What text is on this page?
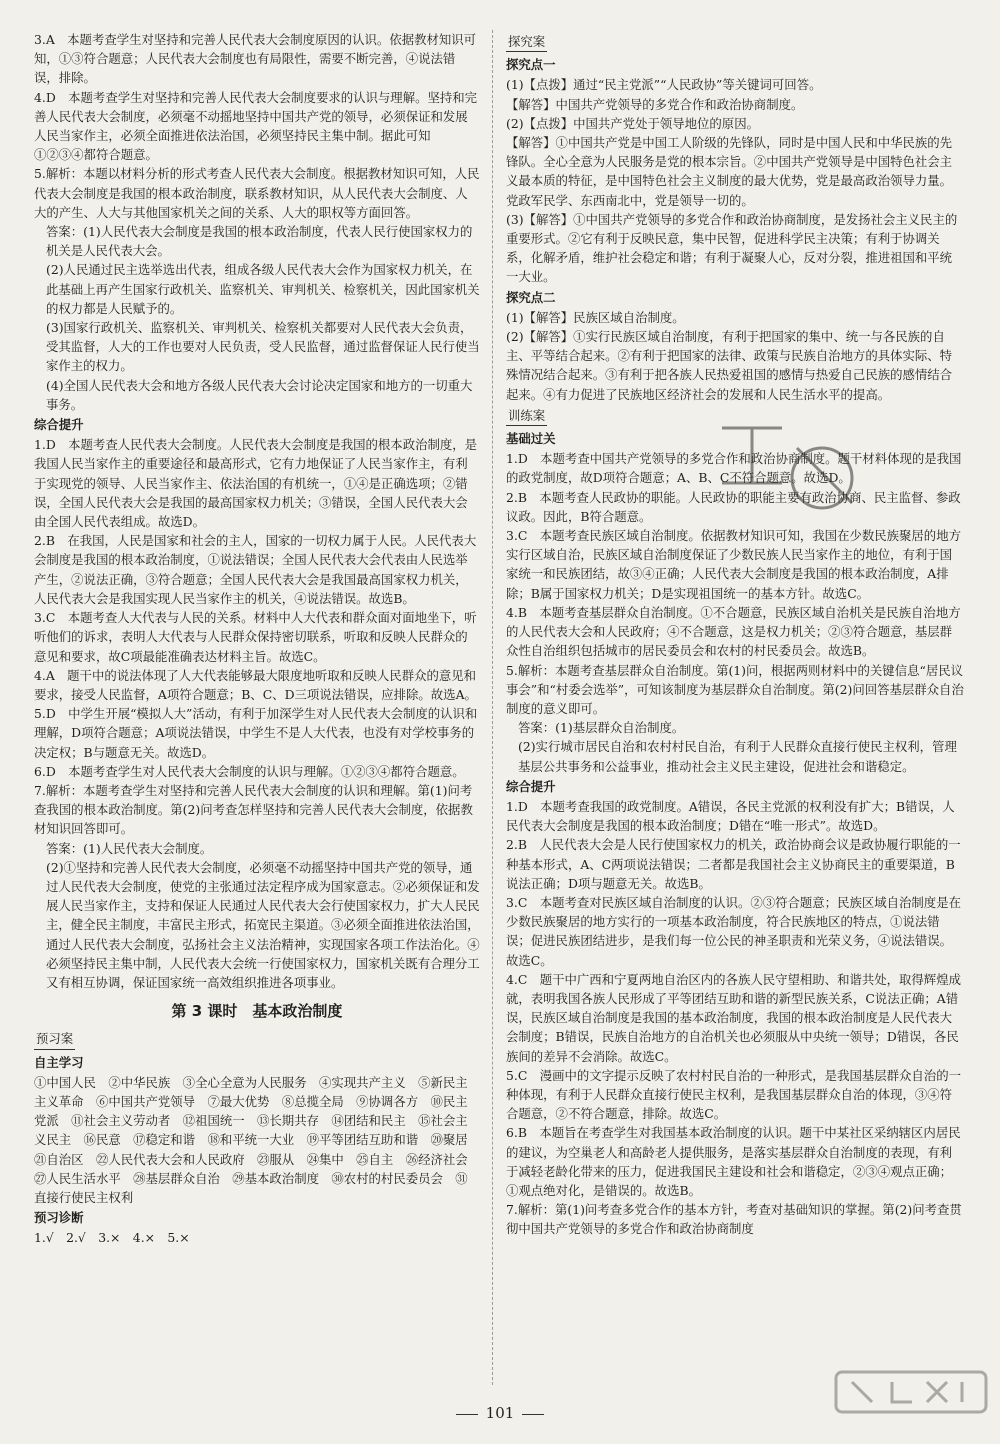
3.A　本题考查学生对坚持和完善人民代表大会制度原因的认识。依据教材知识可知，①③符合题意；人民代表大会制度也有局限性，需要不断完善，④说法错误，排除。

4.D　本题考查学生对坚持和完善人民代表大会制度要求的认识与理解。坚持和完善人民代表大会制度，必须毫不动摇地坚持中国共产党的领导，必须保证和发展人民当家作主，必须全面推进依法治国，必须坚持民主集中制。据此可知①②③④都符合题意。

5.解析：本题以材料分析的形式考查人民代表大会制度。根据教材知识可知，人民代表大会制度是我国的根本政治制度，联系教材知识，从人民代表大会制度、人大的产生、人大与其他国家机关之间的关系、人大的职权等方面回答。

答案：(1)人民代表大会制度是我国的根本政治制度，代表人民行使国家权力的机关是人民代表大会。

(2)人民通过民主选举选出代表，组成各级人民代表大会作为国家权力机关，在此基础上再产生国家行政机关、监察机关、审判机关、检察机关，因此国家机关的权力都是人民赋予的。

(3)国家行政机关、监察机关、审判机关、检察机关都要对人民代表大会负责，受其监督，人大的工作也要对人民负责，受人民监督，通过监督保证人民行使当家作主的权力。

(4)全国人民代表大会和地方各级人民代表大会讨论决定国家和地方的一切重大事务。

综合提升

1.D　本题考查人民代表大会制度。人民代表大会制度是我国的根本政治制度，是我国人民当家作主的重要途径和最高形式，它有力地保证了人民当家作主，有利于实现党的领导、人民当家作主、依法治国的有机统一，①④是正确选项；②错误，全国人民代表大会是我国的最高国家权力机关；③错误，全国人民代表大会由全国人民代表组成。故选D。

2.B　在我国，人民是国家和社会的主人，国家的一切权力属于人民。人民代表大会制度是我国的根本政治制度，①说法错误；全国人民代表大会代表由人民选举产生，②说法正确，③符合题意；全国人民代表大会是我国最高国家权力机关，人民代表大会是我国实现人民当家作主的机关，④说法错误。故选B。

3.C　本题考查人大代表与人民的关系。材料中人大代表和群众面对面地坐下，听听他们的诉求，表明人大代表与人民群众保持密切联系，听取和反映人民群众的意见和要求，故C项最能准确表达材料主旨。故选C。

4.A　题干中的说法体现了人大代表能够最大限度地听取和反映人民群众的意见和要求，接受人民监督，A项符合题意；B、C、D三项说法错误，应排除。故选A。

5.D　中学生开展“模拟人大”活动，有利于加深学生对人民代表大会制度的认识和理解，D项符合题意；A项说法错误，中学生不是人大代表，也没有对学校事务的决定权；B与题意无关。故选D。

6.D　本题考查学生对人民代表大会制度的认识与理解。①②③④都符合题意。

7.解析：本题考查学生对坚持和完善人民代表大会制度的认识和理解。第(1)问考查我国的根本政治制度。第(2)问考查怎样坚持和完善人民代表大会制度，依据教材知识回答即可。

答案：(1)人民代表大会制度。

(2)①坚持和完善人民代表大会制度，必须毫不动摇坚持中国共产党的领导，通过人民代表大会制度，使党的主张通过法定程序成为国家意志。②必须保证和发展人民当家作主，支持和保证人民通过人民代表大会行使国家权力，扩大人民民主，健全民主制度，丰富民主形式，拓宽民主渠道。③必须全面推进依法治国，通过人民代表大会制度，弘扬社会主义法治精神，实现国家各项工作法治化。④必须坚持民主集中制，人民代表大会统一行使国家权力，国家机关既有合理分工又有相互协调，保证国家统一高效组织推进各项事业。

第 3 课时　基本政治制度
预习案
自主学习

①中国人民　②中华民族　③全心全意为人民服务　④实现共产主义　⑤新民主主义革命　⑥中国共产党领导　⑦最大优势　⑧总揽全局　⑨协调各方　⑩民主党派　⑪社会主义劳动者　⑫祖国统一　⑬长期共存　⑭团结和民主　⑮社会主义民主　⑯民意　⑰稳定和谐　⑱和平统一大业　⑲平等团结互助和谐　⑳聚居　㉑自治区　㉒人民代表大会和人民政府　㉓服从　㉔集中　㉕自主　㉖经济社会　㉗人民生活水平　㉘基层群众自治　㉙基本政治制度　㉚农村的村民委员会　㉛直接行使民主权利

预习诊断

1.√　2.√　3.×　4.×　5.×

探究案
探究点一

(1)【点拨】通过“民主党派”“人民政协”等关键词可回答。

【解答】中国共产党领导的多党合作和政治协商制度。

(2)【点拨】中国共产党处于领导地位的原因。

【解答】①中国共产党是中国工人阶级的先锋队，同时是中国人民和中华民族的先锋队。全心全意为人民服务是党的根本宗旨。②中国共产党领导是中国特色社会主义最本质的特征，是中国特色社会主义制度的最大优势，党是最高政治领导力量。党政军民学、东西南北中，党是领导一切的。

(3)【解答】①中国共产党领导的多党合作和政治协商制度，是发扬社会主义民主的重要形式。②它有利于反映民意，集中民智，促进科学民主决策；有利于协调关系，化解矛盾，维护社会稳定和谐；有利于凝聚人心，反对分裂，推进祖国和平统一大业。

探究点二

(1)【解答】民族区域自治制度。

(2)【解答】①实行民族区域自治制度，有利于把国家的集中、统一与各民族的自主、平等结合起来。②有利于把国家的法律、政策与民族自治地方的具体实际、特殊情况结合起来。③有利于把各族人民热爱祖国的感情与热爱自己民族的感情结合起来。④有力促进了民族地区经济社会的发展和人民生活水平的提高。

训练案
基础过关

1.D　本题考查中国共产党领导的多党合作和政治协商制度。题干材料体现的是我国的政党制度，故D项符合题意；A、B、C不符合题意。故选D。

2.B　本题考查人民政协的职能。人民政协的职能主要有政治协商、民主监督、参政议政。因此，B符合题意。

3.C　本题考查民族区域自治制度。依据教材知识可知，我国在少数民族聚居的地方实行区域自治，民族区域自治制度保证了少数民族人民当家作主的地位，有利于国家统一和民族团结，故③④正确；人民代表大会制度是我国的根本政治制度，A排除；B属于国家权力机关；D是实现祖国统一的基本方针。故选C。

4.B　本题考查基层群众自治制度。①不合题意，民族区域自治机关是民族自治地方的人民代表大会和人民政府；④不合题意，这是权力机关；②③符合题意，基层群众性自治组织包括城市的居民委员会和农村的村民委员会。故选B。

5.解析：本题考查基层群众自治制度。第(1)问，根据两则材料中的关键信息“居民议事会”和“村委会选举”，可知该制度为基层群众自治制度。第(2)问回答基层群众自治制度的意义即可。

答案：(1)基层群众自治制度。

(2)实行城市居民自治和农村村民自治，有利于人民群众直接行使民主权利，管理基层公共事务和公益事业，推动社会主义民主建设，促进社会和谐稳定。

综合提升

1.D　本题考查我国的政党制度。A错误，各民主党派的权利没有扩大；B错误，人民代表大会制度是我国的根本政治制度；D错在“唯一形式”。故选D。

2.B　人民代表大会是人民行使国家权力的机关，政治协商会议是政协履行职能的一种基本形式，A、C两项说法错误；二者都是我国社会主义协商民主的重要渠道，B说法正确；D项与题意无关。故选B。

3.C　本题考查对民族区域自治制度的认识。②③符合题意；民族区域自治制度是在少数民族聚居的地方实行的一项基本政治制度，符合民族地区的特点，①说法错误；促进民族团结进步，是我们每一位公民的神圣职责和光荣义务，④说法错误。故选C。

4.C　题干中广西和宁夏两地自治区内的各族人民守望相助、和谐共处，取得辉煌成就，表明我国各族人民形成了平等团结互助和谐的新型民族关系，C说法正确；A错误，民族区域自治制度是我国的基本政治制度，我国的根本政治制度是人民代表大会制度；B错误，民族自治地方的自治机关也必须服从中央统一领导；D错误，各民族间的差异不会消除。故选C。

5.C　漫画中的文字提示反映了农村村民自治的一种形式，是我国基层群众自治的一种体现，有利于人民群众直接行使民主权利，是我国基层群众自治的体现，③④符合题意，②不符合题意，排除。故选C。

6.B　本题旨在考查学生对我国基本政治制度的认识。题干中某社区采纳辖区内居民的建议，为空巢老人和高龄老人提供服务，是落实基层群众自治制度的表现，有利于减轻老龄化带来的压力，促进我国民主建设和社会和谐稳定，②③④观点正确；①观点绝对化，是错误的。故选B。

7.解析：第(1)问考查多党合作的基本方针，考查对基础知识的掌握。第(2)问考查贯彻中国共产党领导的多党合作和政治协商制度

101
